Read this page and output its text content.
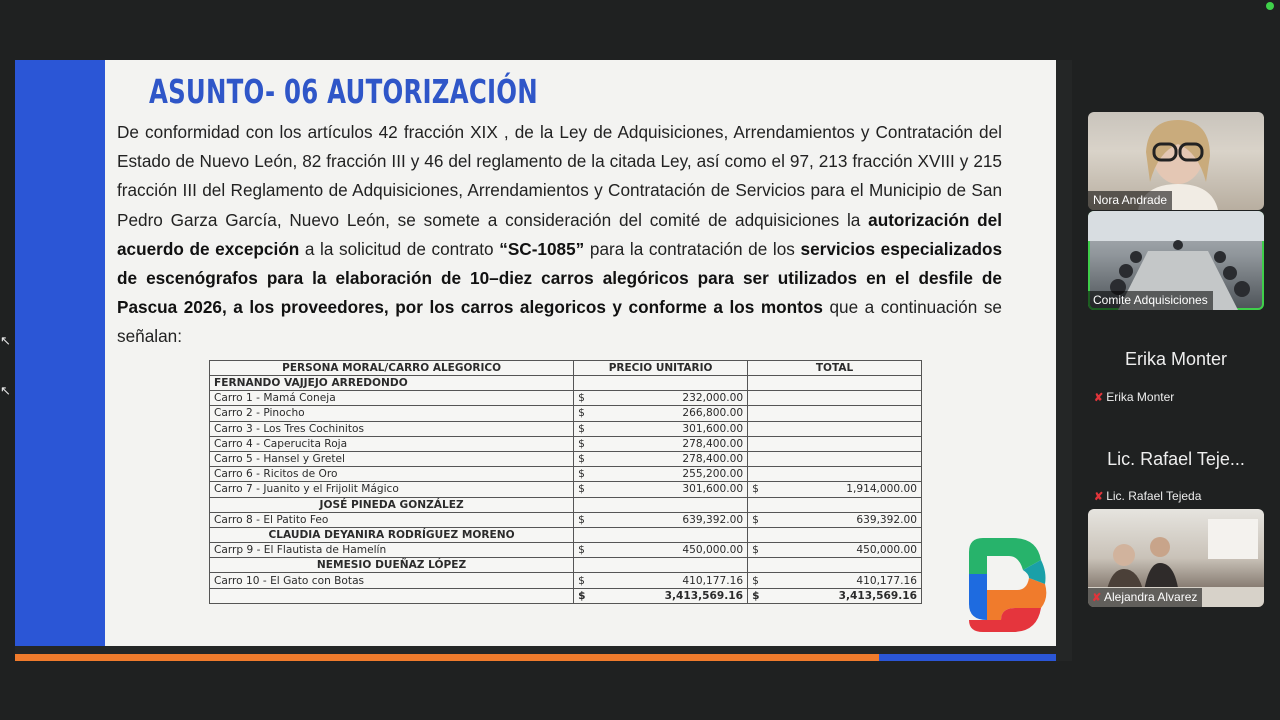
ASUNTO- 06 AUTORIZACIÓN

De conformidad con los artículos 42 fracción XIX , de la Ley de Adquisiciones, Arrendamientos y Contratación del Estado de Nuevo León, 82 fracción III y 46 del reglamento de la citada Ley, así como el 97, 213 fracción XVIII y 215 fracción III del Reglamento de Adquisiciones, Arrendamientos y Contratación de Servicios para el Municipio de San Pedro Garza García, Nuevo León, se somete a consideración del comité de adquisiciones la autorización del acuerdo de excepción a la solicitud de contrato “SC-1085” para la contratación de los servicios especializados de escenógrafos para la elaboración de 10–diez carros alegóricos para ser utilizados en el desfile de Pascua 2026, a los proveedores, por los carros alegoricos y conforme a los montos que a continuación se señalan:

PERSONA MORAL/CARRO ALEGORICO	PRECIO UNITARIO	TOTAL
FERNANDO VAJJEJO ARREDONDO		
Carro 1 - Mamá Coneja	$ 232,000.00	

Carro 2 - Pinocho	$ 266,800.00	

Carro 3 - Los Tres Cochinitos	$ 301,600.00	

Carro 4 - Caperucita Roja	$ 278,400.00	

Carro 5 - Hansel y Gretel	$ 278,400.00	

Carro 6 - Ricitos de Oro	$ 255,200.00	

Carro 7 - Juanito y el Frijolit Mágico	$ 301,600.00	$ 1,914,000.00

JOSÉ PINEDA GONZÁLEZ		
Carro 8 - El Patito Feo	$ 639,392.00	$ 639,392.00

CLAUDIA DEYANIRA RODRÍGUEZ MORENO		
Carrp 9 - El Flautista de Hamelín	$ 450,000.00	$ 450,000.00

NEMESIO DUEÑAZ LÓPEZ		
Carro 10 - El Gato con Botas	$ 410,177.16	$ 410,177.16

	$ 3,413,569.16	$ 3,413,569.16
↖
↖
Nora Andrade
Comite Adquisiciones
Erika Monter
✘ Erika Monter
Lic. Rafael Teje...
✘ Lic. Rafael Tejeda
Alejandra Alvarez
✘
